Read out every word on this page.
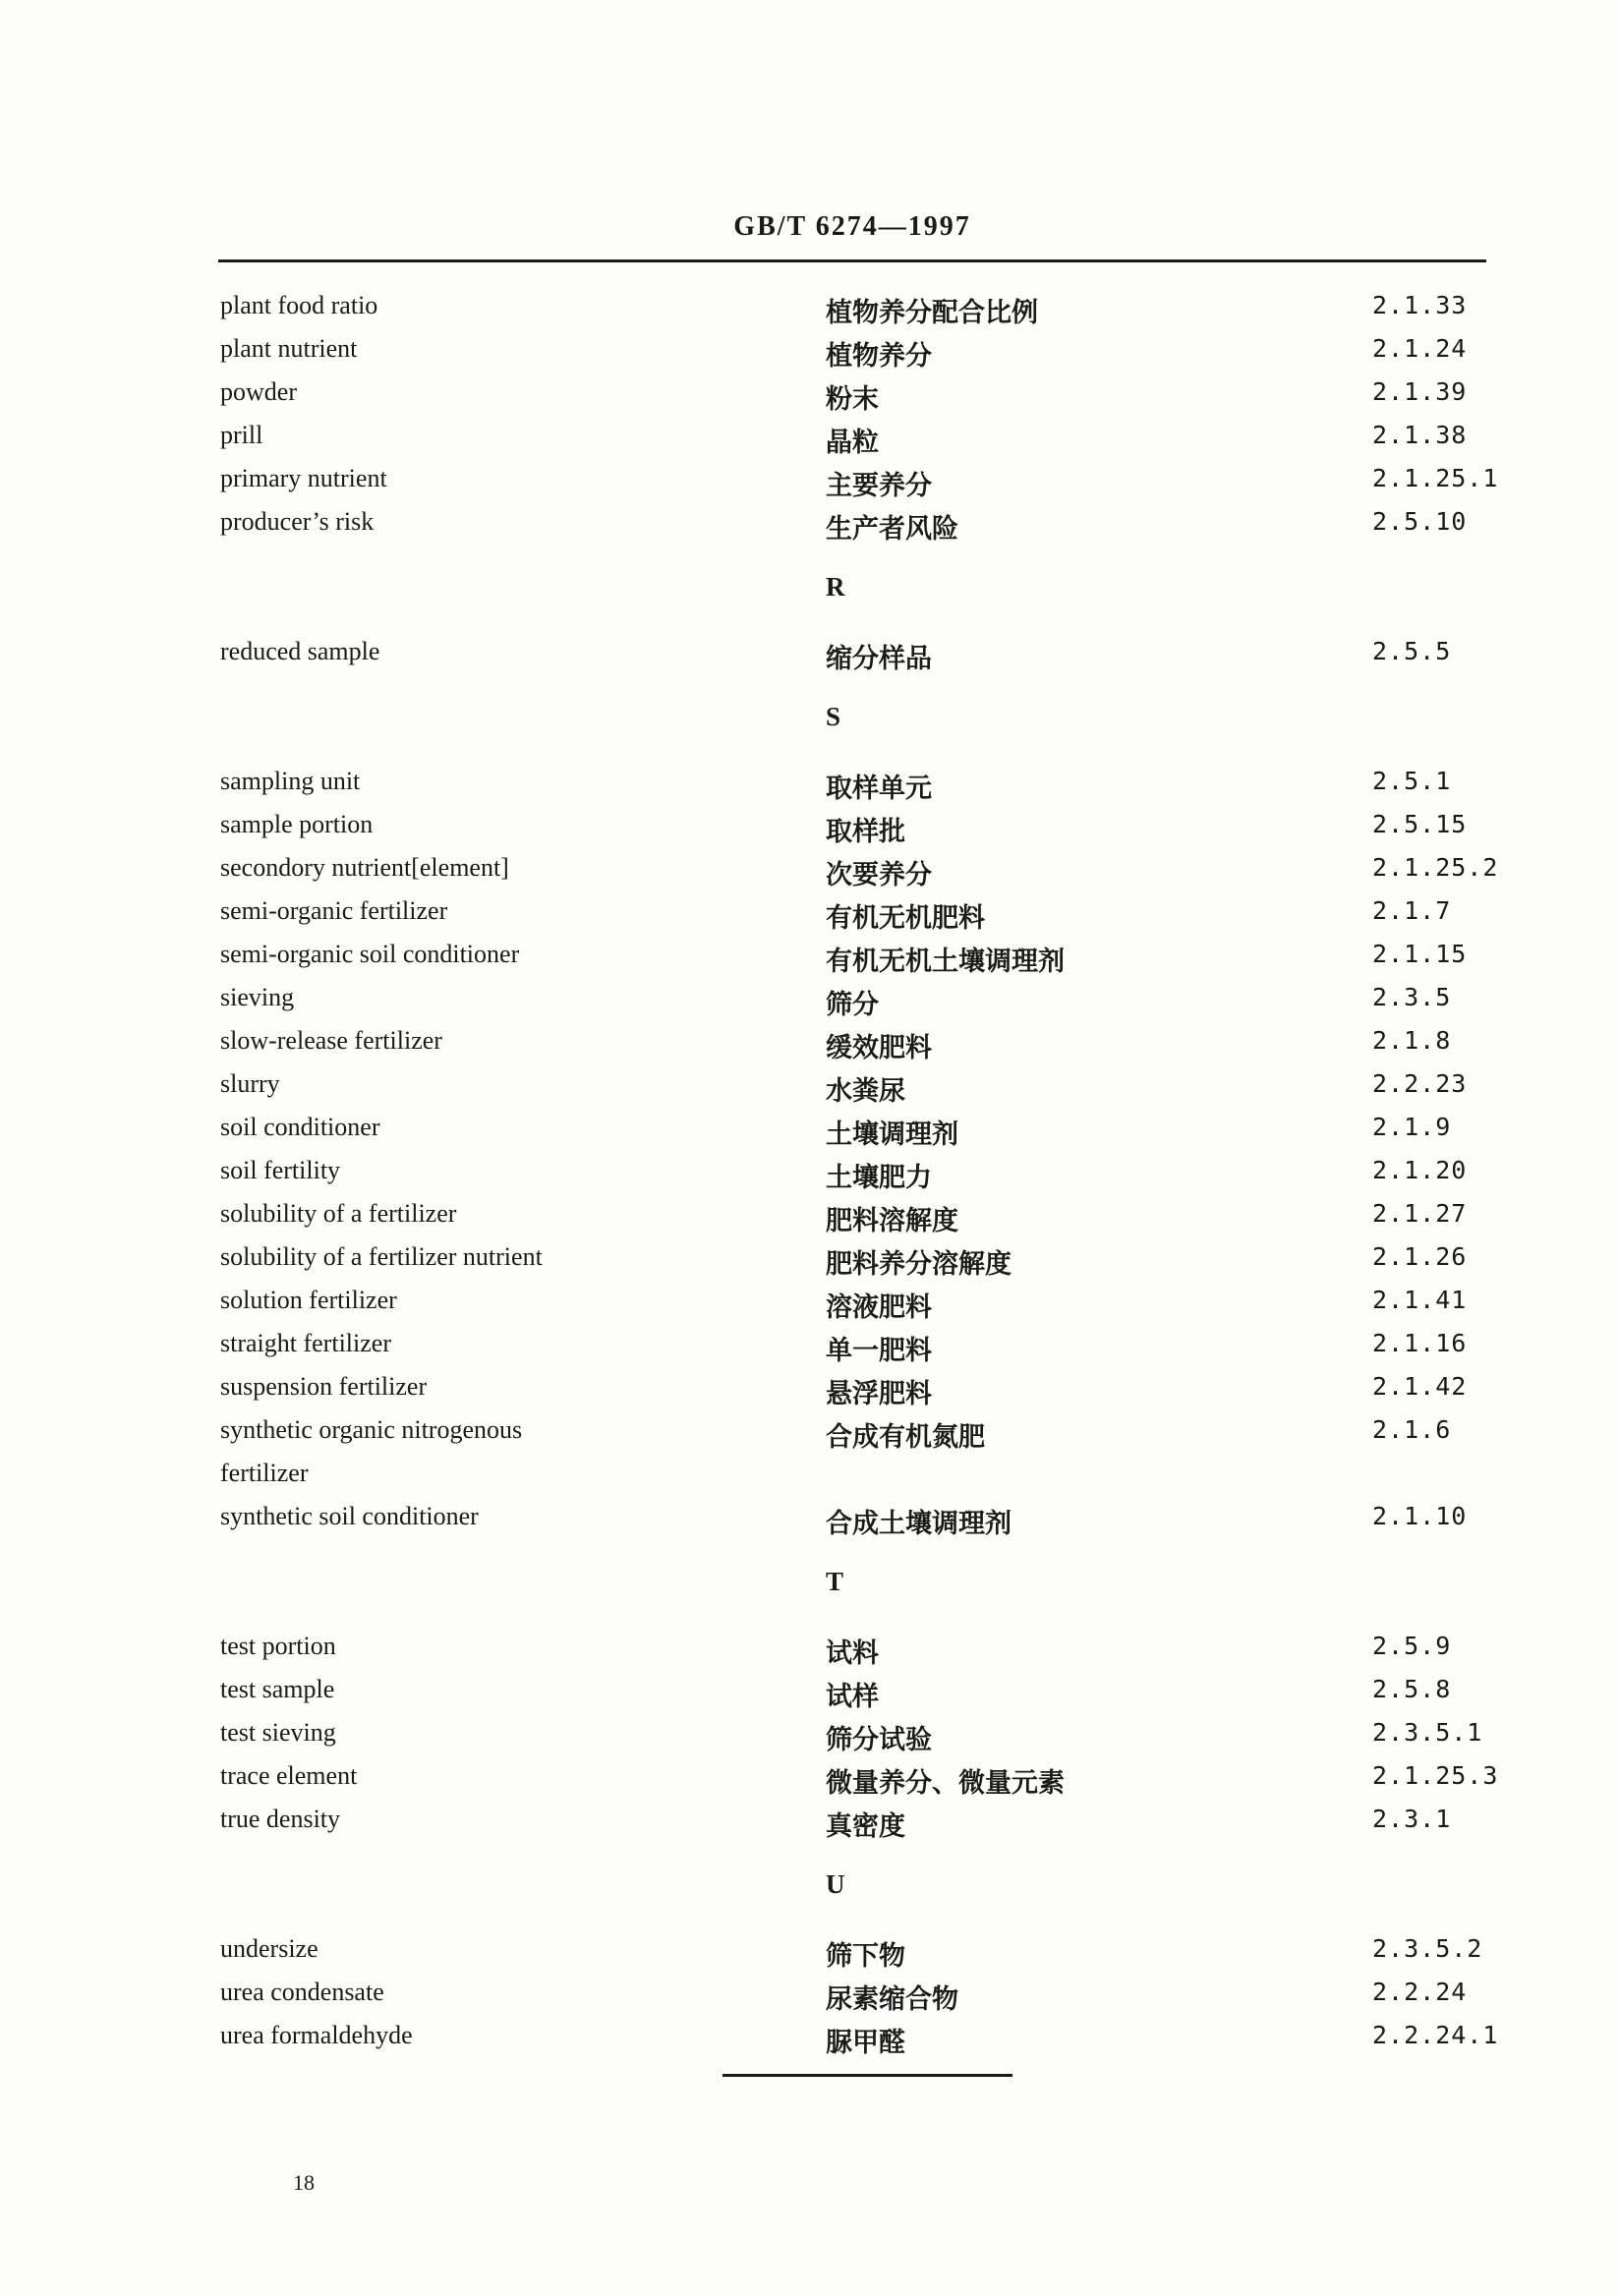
GB/T 6274—1997
plant food ratio	植物养分配合比例	2.1.33
plant nutrient	植物养分	2.1.24
powder	粉末	2.1.39
prill	晶粒	2.1.38
primary nutrient	主要养分	2.1.25.1
producer’s risk	生产者风险	2.5.10
R
reduced sample	缩分样品	2.5.5
S
sampling unit	取样单元	2.5.1
sample portion	取样批	2.5.15
secondory nutrient[element]	次要养分	2.1.25.2
semi-organic fertilizer	有机无机肥料	2.1.7
semi-organic soil conditioner	有机无机土壤调理剂	2.1.15
sieving	筛分	2.3.5
slow-release fertilizer	缓效肥料	2.1.8
slurry	水粪尿	2.2.23
soil conditioner	土壤调理剂	2.1.9
soil fertility	土壤肥力	2.1.20
solubility of a fertilizer	肥料溶解度	2.1.27
solubility of a fertilizer nutrient	肥料养分溶解度	2.1.26
solution fertilizer	溶液肥料	2.1.41
straight fertilizer	单一肥料	2.1.16
suspension fertilizer	悬浮肥料	2.1.42
synthetic organic nitrogenous	合成有机氮肥	2.1.6
fertilizer
synthetic soil conditioner	合成土壤调理剂	2.1.10
T
test portion	试料	2.5.9
test sample	试样	2.5.8
test sieving	筛分试验	2.3.5.1
trace element	微量养分、微量元素	2.1.25.3
true density	真密度	2.3.1
U
undersize	筛下物	2.3.5.2
urea condensate	尿素缩合物	2.2.24
urea formaldehyde	脲甲醛	2.2.24.1
18
